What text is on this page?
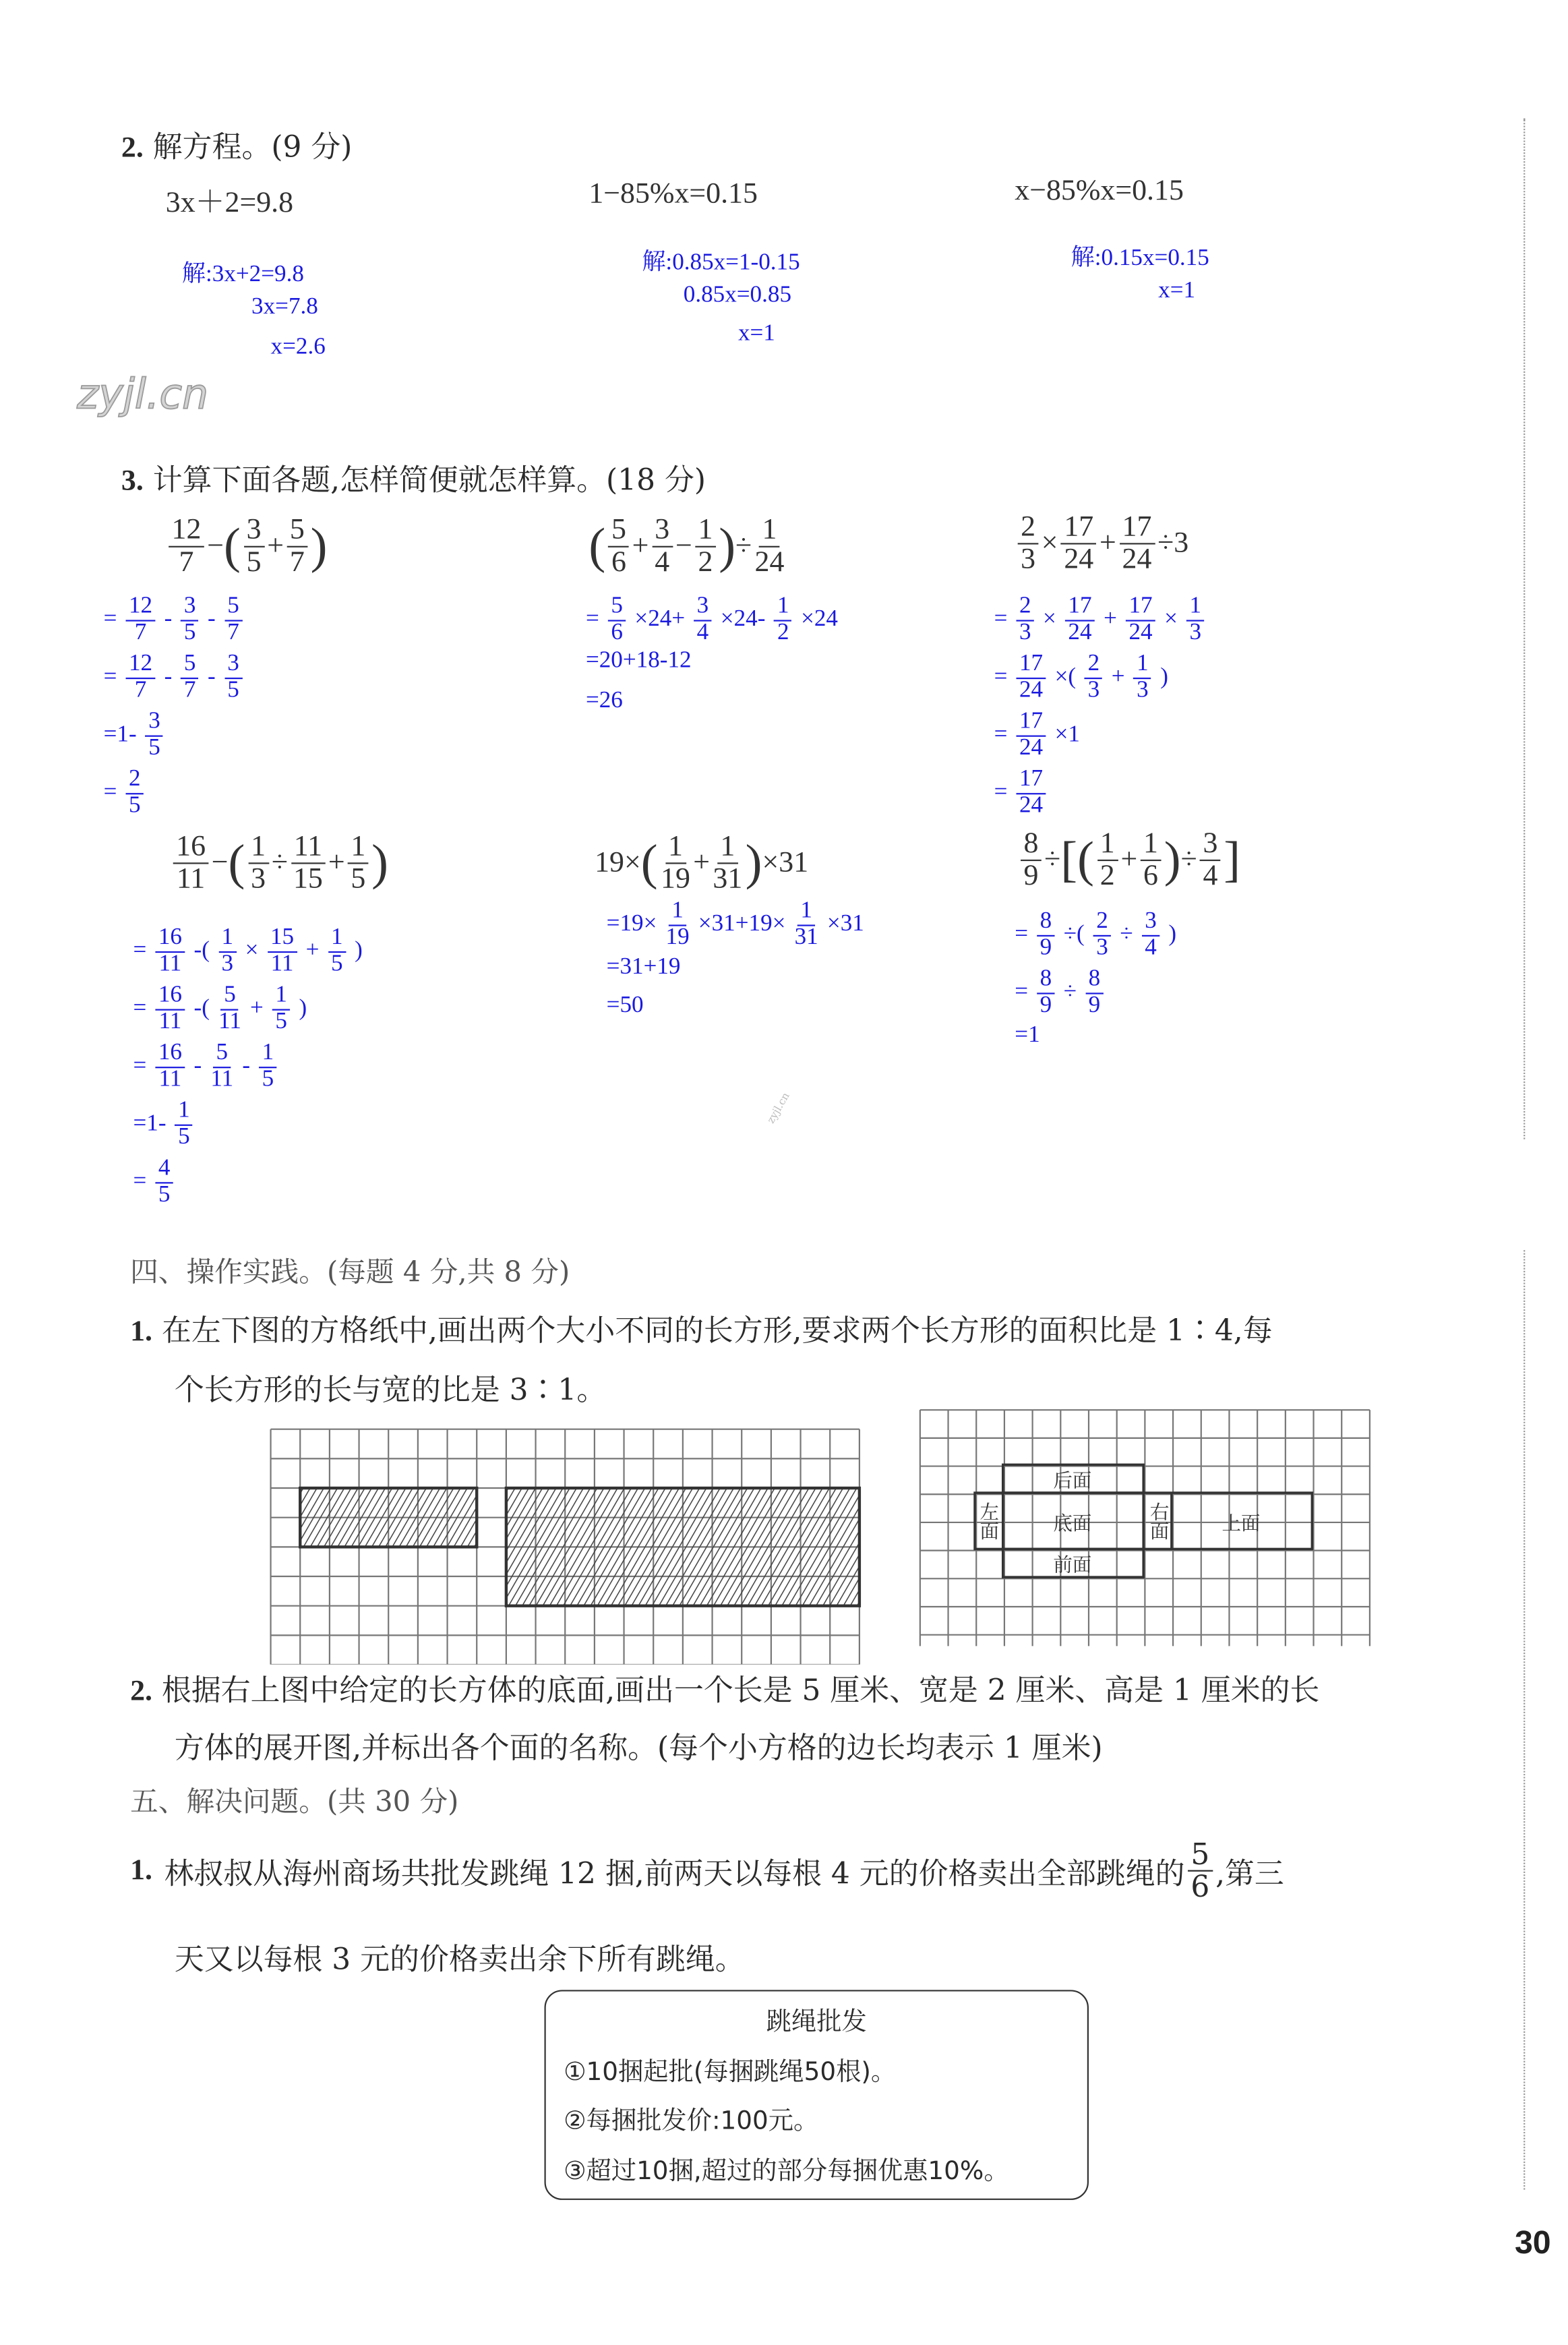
2. 解方程。(9 分)
3x＋2=9.8	1−85%x=0.15	x−85%x=0.15
解:3x+2=9.8
3x=7.8
x=2.6
解:0.85x=1-0.15
0.85x=0.85
x=1
解:0.15x=0.15
x=1
zyjl.cn
zyjl.cn
3. 计算下面各题,怎样简便就怎样算。(18 分)
$\frac{12}{7}$ − ( $\frac{3}{5} + \frac{5}{7}$ )	( $\frac{5}{6} + \frac{3}{4} - \frac{1}{2}$ ) ÷ $\frac{1}{24}$	$\frac{2}{3} \times \frac{17}{24} + \frac{17}{24} \div 3$
$\frac{16}{11}$ − ( $\frac{1}{3} \div \frac{11}{15} + \frac{1}{5}$ )	19× ( $\frac{1}{19} + \frac{1}{31}$ ) ×31	$\frac{8}{9}$ ÷ [ ( $\frac{1}{2} + \frac{1}{6}$ ) ÷ $\frac{3}{4}$ ]
= $\frac{12}{7} - \frac{3}{5} - \frac{5}{7}$
= $\frac{12}{7} - \frac{5}{7} - \frac{3}{5}$
$=1- \frac{3}{5}$
= $\frac{2}{5}$
= $\frac{5}{6} \times 24+ \frac{3}{4} \times 24- \frac{1}{2} \times 24$
=20+18-12
=26
= $\frac{2}{3} \times \frac{17}{24} + \frac{17}{24} \times \frac{1}{3}$
= $\frac{17}{24}$ ×( $\frac{2}{3} + \frac{1}{3}$ )
= $\frac{17}{24} \times 1$
= $\frac{17}{24}$
= $\frac{16}{11}$ -( $\frac{1}{3} \times \frac{15}{11} + \frac{1}{5}$ )
= $\frac{16}{11}$ -( $\frac{5}{11} + \frac{1}{5}$ )
= $\frac{16}{11} - \frac{5}{11} - \frac{1}{5}$
$=1- \frac{1}{5}$
= $\frac{4}{5}$
$=19\times \frac{1}{19} \times 31+19\times \frac{1}{31} \times 31$
=31+19
=50
= $\frac{8}{9}$ ÷( $\frac{2}{3} \div \frac{3}{4}$ )
= $\frac{8}{9} \div \frac{8}{9}$
=1
四、操作实践。(每题 4 分,共 8 分)
1. 在左下图的方格纸中,画出两个大小不同的长方形,要求两个长方形的面积比是 1∶4,每
个长方形的长与宽的比是 3∶1。
后面
底面
前面
上面
左面	右面
2. 根据右上图中给定的长方体的底面,画出一个长是 5 厘米、宽是 2 厘米、高是 1 厘米的长
方体的展开图,并标出各个面的名称。(每个小方格的边长均表示 1 厘米)
五、解决问题。(共 30 分)
1. 林叔叔从海州商场共批发跳绳 12 捆,前两天以每根 4 元的价格卖出全部跳绳的 $\frac{5}{6}$ ,第三
天又以每根 3 元的价格卖出余下所有跳绳。
跳绳批发
①10捆起批(每捆跳绳50根)。
②每捆批发价:100元。
③超过10捆,超过的部分每捆优惠10%。
30
